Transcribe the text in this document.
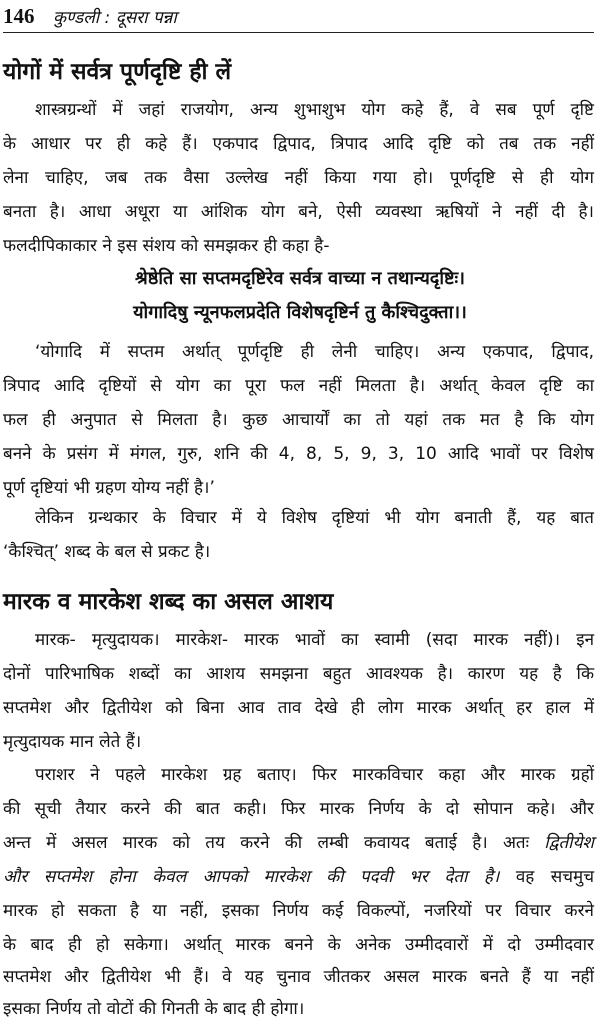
146	कुण्डली : दूसरा पन्ना
योगों में सर्वत्र पूर्णदृष्टि ही लें
शास्त्रग्रन्थों में जहां राजयोग, अन्य शुभाशुभ योग कहे हैं, वे सब पूर्ण दृष्टि
के आधार पर ही कहे हैं। एकपाद द्विपाद, त्रिपाद आदि दृष्टि को तब तक नहीं
लेना चाहिए, जब तक वैसा उल्लेख नहीं किया गया हो। पूर्णदृष्टि से ही योग
बनता है। आधा अधूरा या आंशिक योग बने, ऐसी व्यवस्था ऋषियों ने नहीं दी है।
फलदीपिकाकार ने इस संशय को समझकर ही कहा है-
श्रेष्ठेति सा सप्तमदृष्टिरेव सर्वत्र वाच्या न तथान्यदृष्टिः।
योगादिषु न्यूनफलप्रदेति विशेषदृष्टिर्न तु कैश्चिदुक्ता।।
‘योगादि में सप्तम अर्थात् पूर्णदृष्टि ही लेनी चाहिए। अन्य एकपाद, द्विपाद,
त्रिपाद आदि दृष्टियों से योग का पूरा फल नहीं मिलता है। अर्थात् केवल दृष्टि का
फल ही अनुपात से मिलता है। कुछ आचार्यों का तो यहां तक मत है कि योग
बनने के प्रसंग में मंगल, गुरु, शनि की 4, 8, 5, 9, 3, 10 आदि भावों पर विशेष
पूर्ण दृष्टियां भी ग्रहण योग्य नहीं है।’
लेकिन ग्रन्थकार के विचार में ये विशेष दृष्टियां भी योग बनाती हैं, यह बात
‘कैश्चित्’ शब्द के बल से प्रकट है।
मारक व मारकेश शब्द का असल आशय
मारक- मृत्युदायक। मारकेश- मारक भावों का स्वामी (सदा मारक नहीं)। इन
दोनों पारिभाषिक शब्दों का आशय समझना बहुत आवश्यक है। कारण यह है कि
सप्तमेश और द्वितीयेश को बिना आव ताव देखे ही लोग मारक अर्थात् हर हाल में
मृत्युदायक मान लेते हैं।
पराशर ने पहले मारकेश ग्रह बताए। फिर मारकविचार कहा और मारक ग्रहों
की सूची तैयार करने की बात कही। फिर मारक निर्णय के दो सोपान कहे। और
अन्त में असल मारक को तय करने की लम्बी कवायद बताई है। अतः द्वितीयेश
और सप्तमेश होना केवल आपको मारकेश की पदवी भर देता है। वह सचमुच
मारक हो सकता है या नहीं, इसका निर्णय कई विकल्पों, नजरियों पर विचार करने
के बाद ही हो सकेगा। अर्थात् मारक बनने के अनेक उम्मीदवारों में दो उम्मीदवार
सप्तमेश और द्वितीयेश भी हैं। वे यह चुनाव जीतकर असल मारक बनते हैं या नहीं
इसका निर्णय तो वोटों की गिनती के बाद ही होगा।
